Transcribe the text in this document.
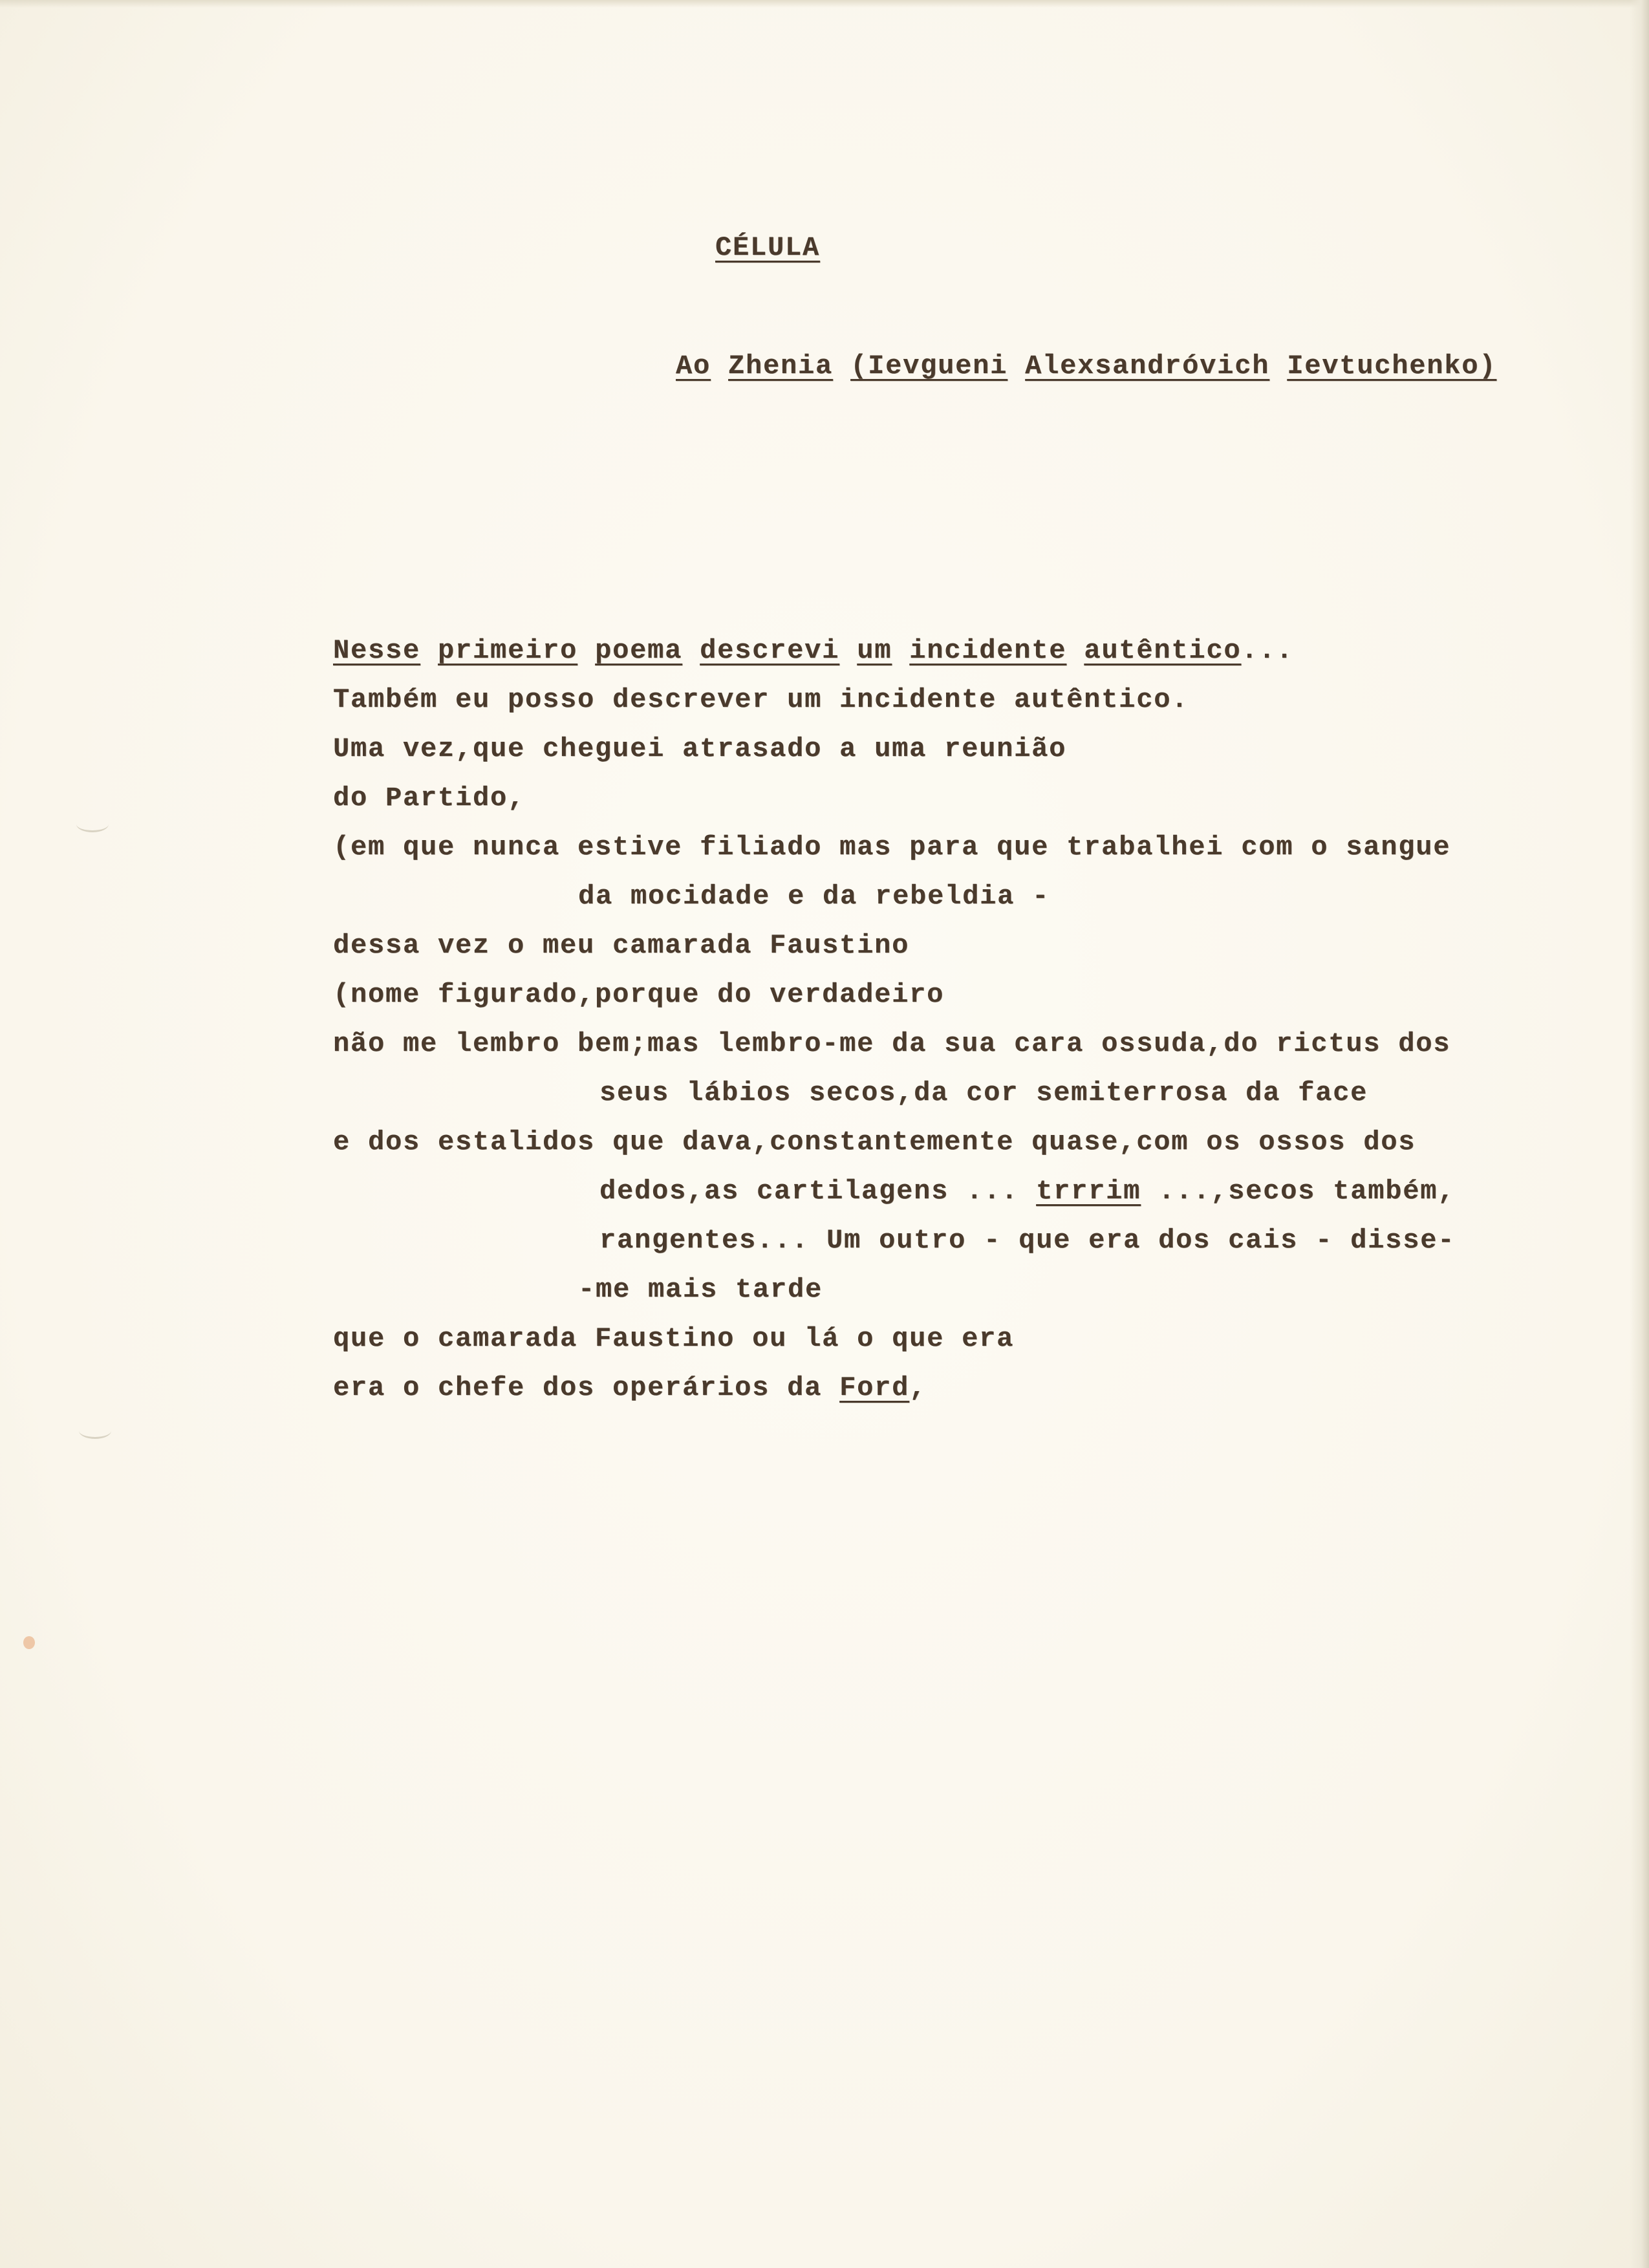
CÉLULA
Ao Zhenia (Ievgueni Alexsandróvich Ievtuchenko)
Nesse primeiro poema descrevi um incidente autêntico...
Também eu posso descrever um incidente autêntico.
Uma vez,que cheguei atrasado a uma reunião
do Partido,
(em que nunca estive filiado mas para que trabalhei com o sangue
da mocidade e da rebeldia -
dessa vez o meu camarada Faustino
(nome figurado,porque do verdadeiro
não me lembro bem;mas lembro-me da sua cara ossuda,do rictus dos
seus lábios secos,da cor semiterrosa da face
e dos estalidos que dava,constantemente quase,com os ossos dos
dedos,as cartilagens ... trrrim ...,secos também,
rangentes... Um outro - que era dos cais - disse-
-me mais tarde
que o camarada Faustino ou lá o que era
era o chefe dos operários da Ford,
